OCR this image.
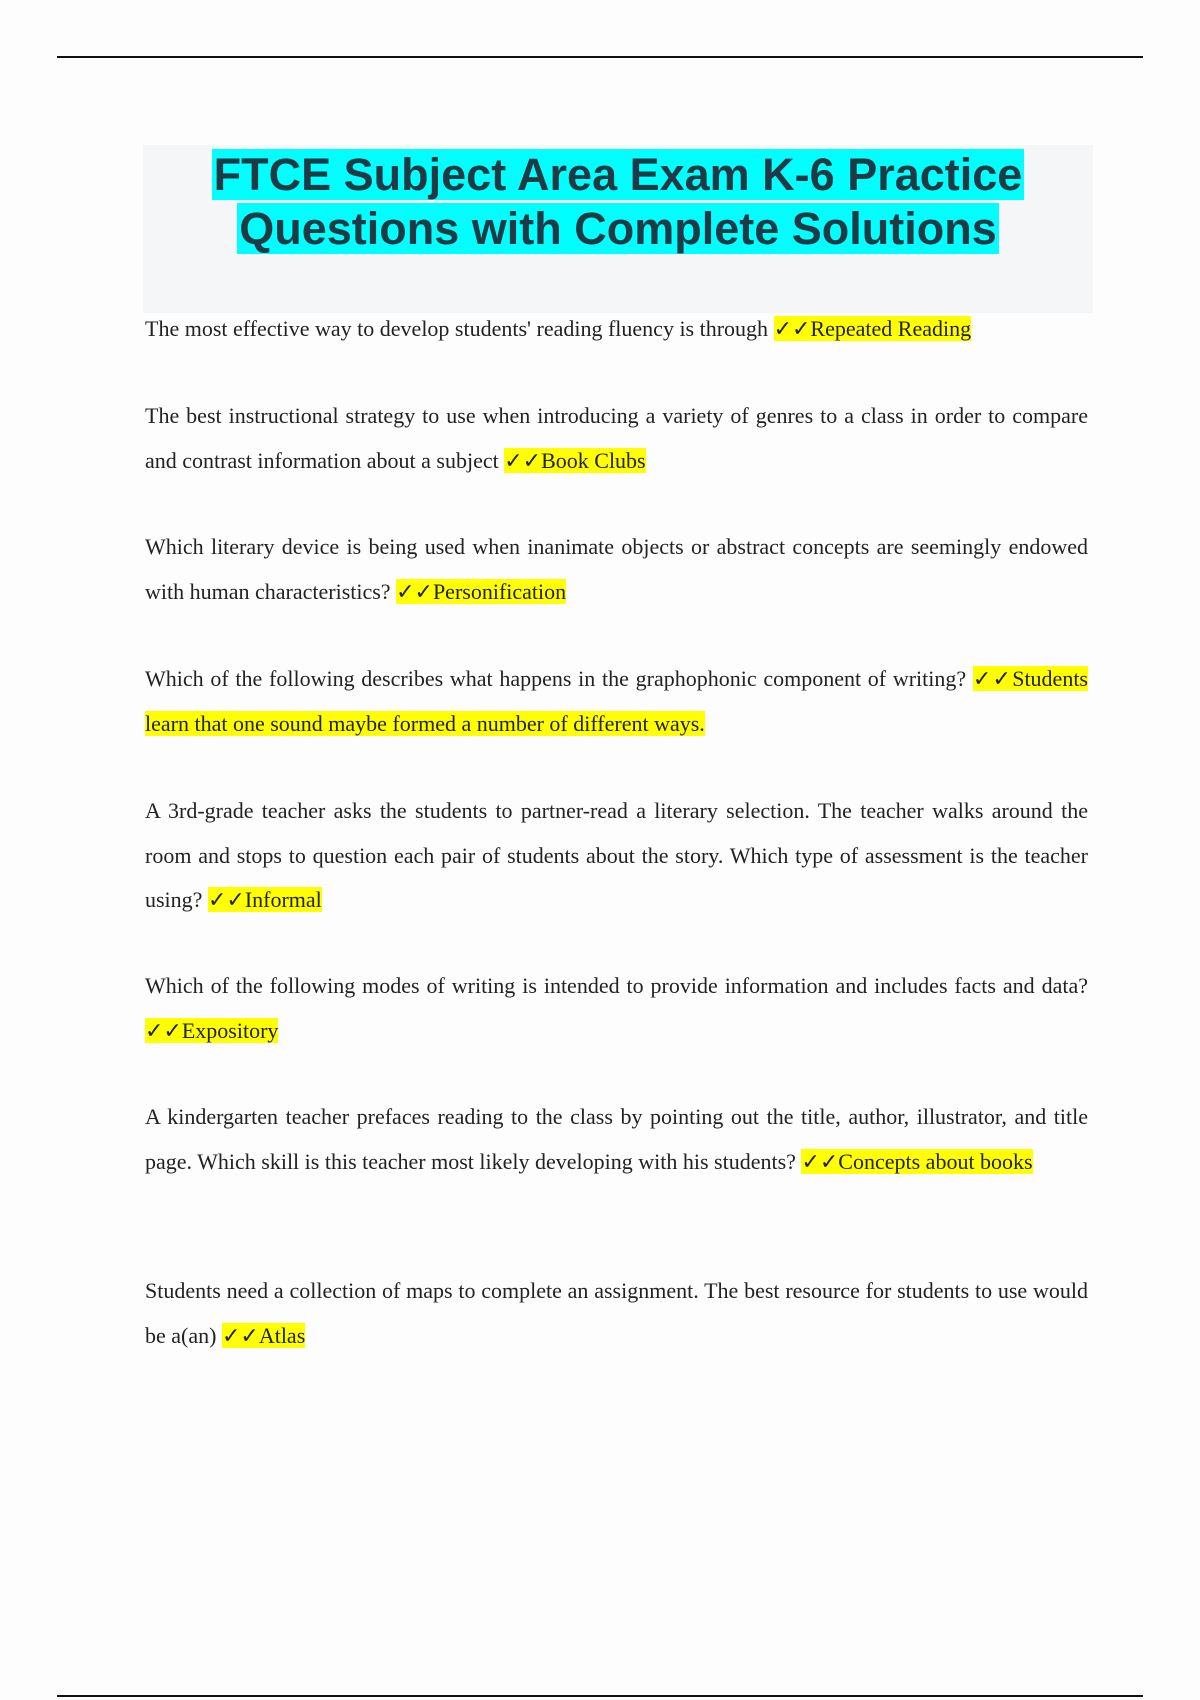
FTCE Subject Area Exam K-6 Practice
Questions with Complete Solutions

The most effective way to develop students' reading fluency is through ✓✓Repeated Reading

The best instructional strategy to use when introducing a variety of genres to a class in order to compare and contrast information about a subject ✓✓Book Clubs

Which literary device is being used when inanimate objects or abstract concepts are seemingly endowed with human characteristics? ✓✓Personification

Which of the following describes what happens in the graphophonic component of writing? ✓✓Students learn that one sound maybe formed a number of different ways.

A 3rd-grade teacher asks the students to partner-read a literary selection. The teacher walks around the room and stops to question each pair of students about the story. Which type of assessment is the teacher using? ✓✓Informal

Which of the following modes of writing is intended to provide information and includes facts and data? ✓✓Expository

A kindergarten teacher prefaces reading to the class by pointing out the title, author, illustrator, and title page. Which skill is this teacher most likely developing with his students? ✓✓Concepts about books

Students need a collection of maps to complete an assignment. The best resource for students to use would be a(an) ✓✓Atlas
